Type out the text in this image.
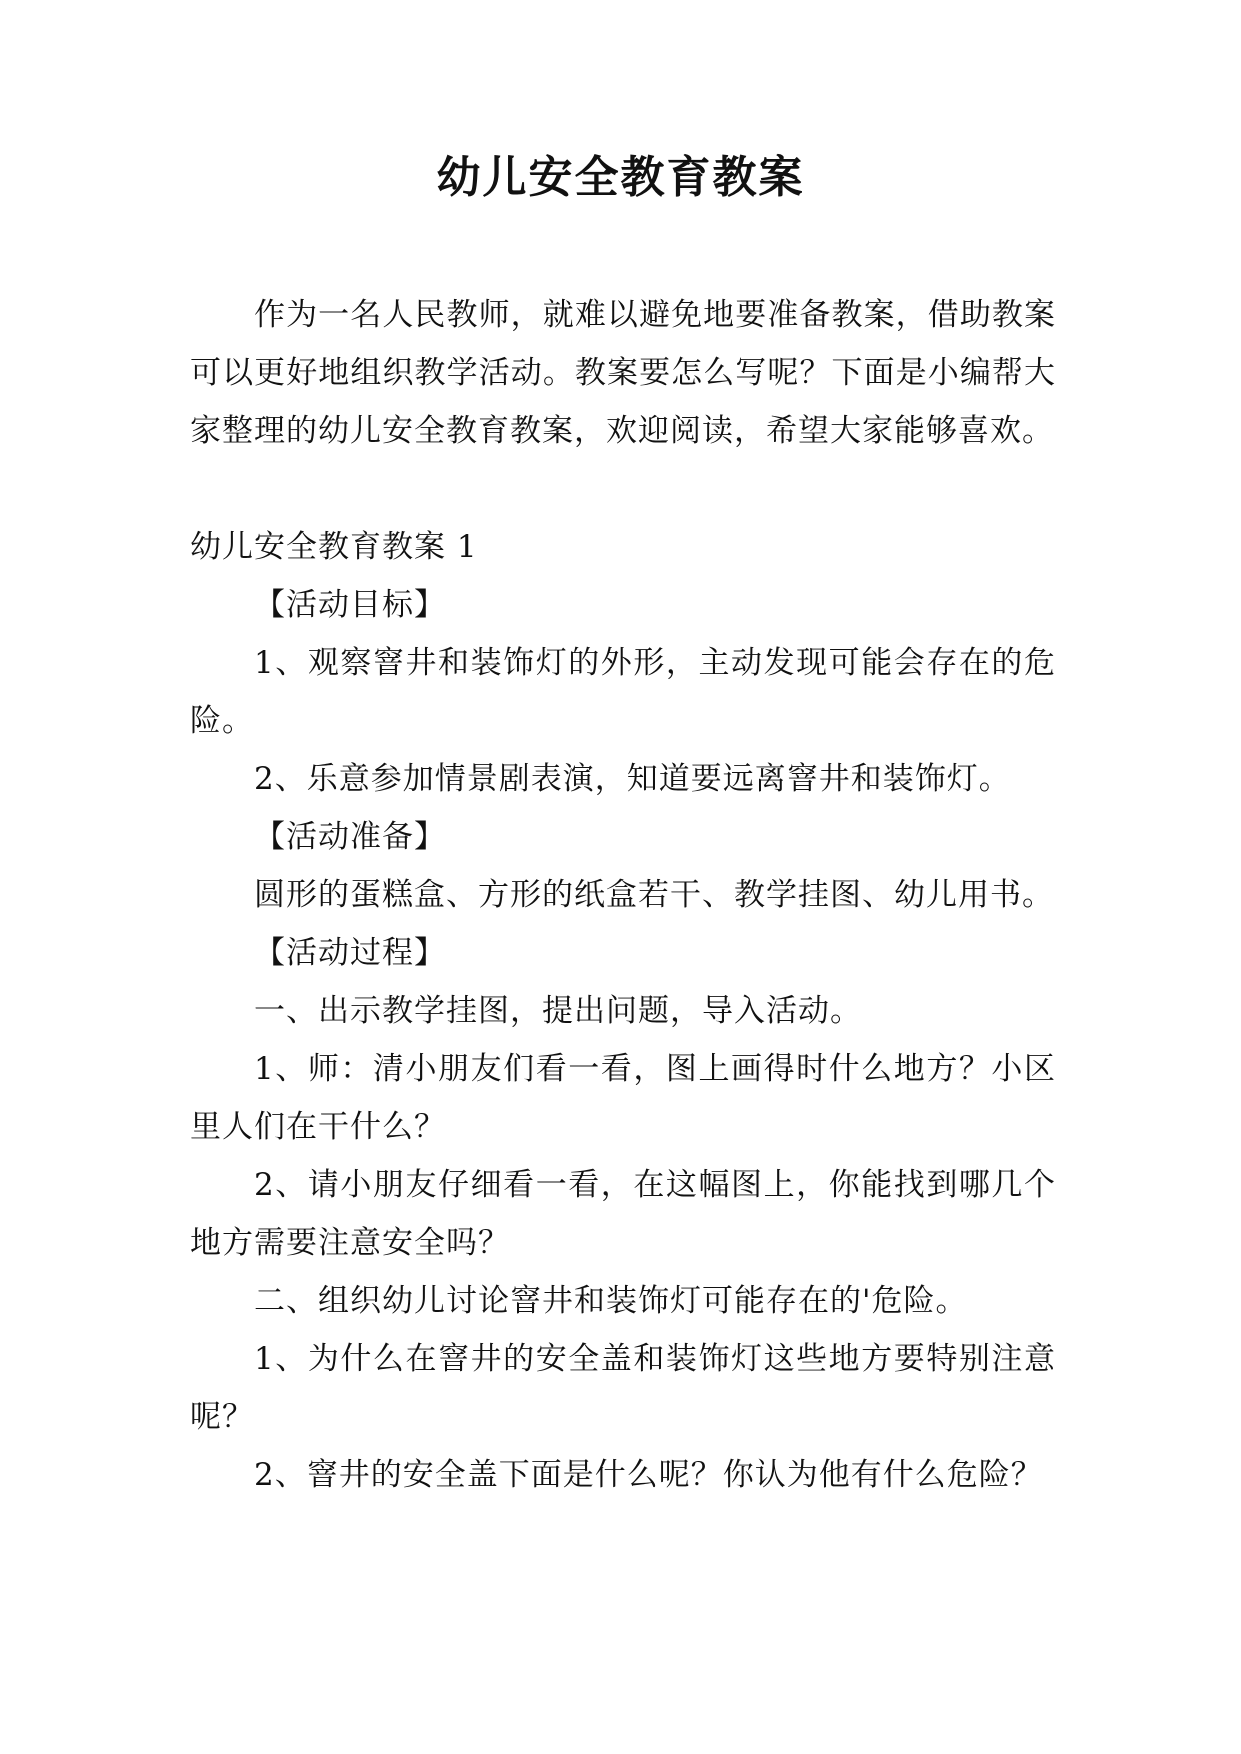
幼儿安全教育教案

作为一名人民教师，就难以避免地要准备教案，借助教案可以更好地组织教学活动。教案要怎么写呢？下面是小编帮大家整理的幼儿安全教育教案，欢迎阅读，希望大家能够喜欢。

幼儿安全教育教案 1

【活动目标】

1、观察窨井和装饰灯的外形，主动发现可能会存在的危险。

2、乐意参加情景剧表演，知道要远离窨井和装饰灯。

【活动准备】

圆形的蛋糕盒、方形的纸盒若干、教学挂图、幼儿用书。

【活动过程】

一、出示教学挂图，提出问题，导入活动。

1、师：清小朋友们看一看，图上画得时什么地方？小区里人们在干什么？

2、请小朋友仔细看一看，在这幅图上，你能找到哪几个地方需要注意安全吗？

二、组织幼儿讨论窨井和装饰灯可能存在的'危险。

1、为什么在窨井的安全盖和装饰灯这些地方要特别注意呢？

2、窨井的安全盖下面是什么呢？你认为他有什么危险？
